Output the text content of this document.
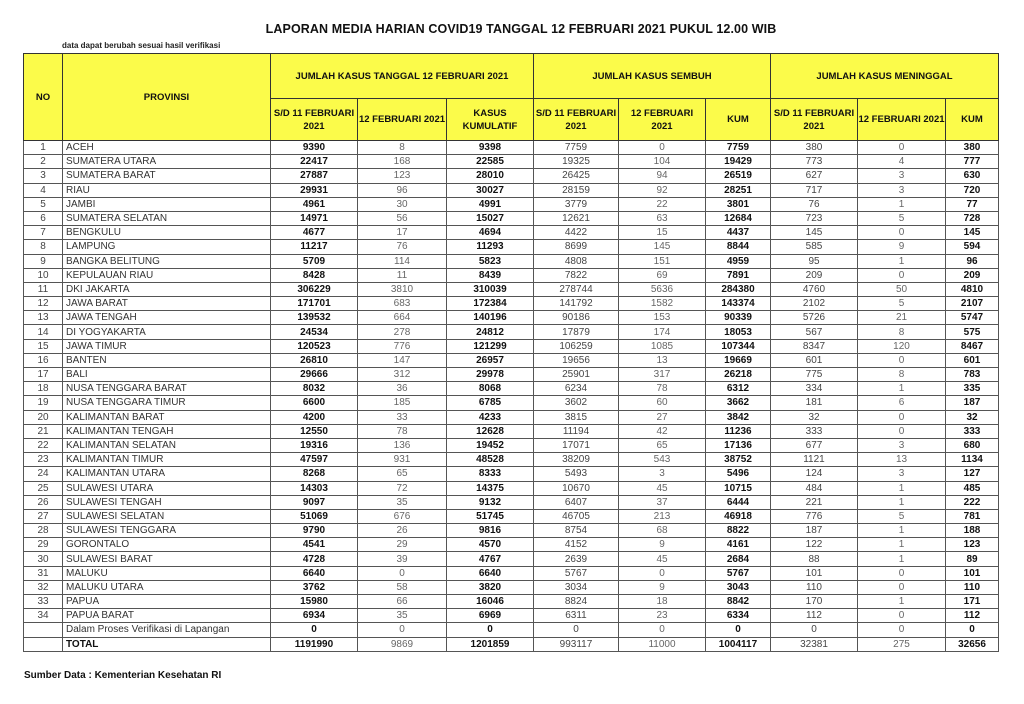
LAPORAN MEDIA HARIAN COVID19 TANGGAL 12 FEBRUARI 2021 PUKUL 12.00 WIB
data dapat berubah sesuai hasil verifikasi
NO	PROVINSI	JUMLAH KASUS TANGGAL 12 FEBRUARI 2021			JUMLAH KASUS SEMBUH			JUMLAH KASUS MENINGGAL		
		S/D 11 FEBRUARI 2021	12 FEBRUARI 2021	KASUS KUMULATIF	S/D 11 FEBRUARI 2021	12 FEBRUARI 2021	KUM	S/D 11 FEBRUARI 2021	12 FEBRUARI 2021	KUM
1	ACEH	9390	8	9398	7759	0	7759	380	0	380
2	SUMATERA UTARA	22417	168	22585	19325	104	19429	773	4	777
3	SUMATERA BARAT	27887	123	28010	26425	94	26519	627	3	630
4	RIAU	29931	96	30027	28159	92	28251	717	3	720
5	JAMBI	4961	30	4991	3779	22	3801	76	1	77
6	SUMATERA SELATAN	14971	56	15027	12621	63	12684	723	5	728
7	BENGKULU	4677	17	4694	4422	15	4437	145	0	145
8	LAMPUNG	11217	76	11293	8699	145	8844	585	9	594
9	BANGKA BELITUNG	5709	114	5823	4808	151	4959	95	1	96
10	KEPULAUAN RIAU	8428	11	8439	7822	69	7891	209	0	209
11	DKI JAKARTA	306229	3810	310039	278744	5636	284380	4760	50	4810
12	JAWA BARAT	171701	683	172384	141792	1582	143374	2102	5	2107
13	JAWA TENGAH	139532	664	140196	90186	153	90339	5726	21	5747
14	DI YOGYAKARTA	24534	278	24812	17879	174	18053	567	8	575
15	JAWA TIMUR	120523	776	121299	106259	1085	107344	8347	120	8467
16	BANTEN	26810	147	26957	19656	13	19669	601	0	601
17	BALI	29666	312	29978	25901	317	26218	775	8	783
18	NUSA TENGGARA BARAT	8032	36	8068	6234	78	6312	334	1	335
19	NUSA TENGGARA TIMUR	6600	185	6785	3602	60	3662	181	6	187
20	KALIMANTAN BARAT	4200	33	4233	3815	27	3842	32	0	32
21	KALIMANTAN TENGAH	12550	78	12628	11194	42	11236	333	0	333
22	KALIMANTAN SELATAN	19316	136	19452	17071	65	17136	677	3	680
23	KALIMANTAN TIMUR	47597	931	48528	38209	543	38752	1121	13	1134
24	KALIMANTAN UTARA	8268	65	8333	5493	3	5496	124	3	127
25	SULAWESI UTARA	14303	72	14375	10670	45	10715	484	1	485
26	SULAWESI TENGAH	9097	35	9132	6407	37	6444	221	1	222
27	SULAWESI SELATAN	51069	676	51745	46705	213	46918	776	5	781
28	SULAWESI TENGGARA	9790	26	9816	8754	68	8822	187	1	188
29	GORONTALO	4541	29	4570	4152	9	4161	122	1	123
30	SULAWESI BARAT	4728	39	4767	2639	45	2684	88	1	89
31	MALUKU	6640	0	6640	5767	0	5767	101	0	101
32	MALUKU UTARA	3762	58	3820	3034	9	3043	110	0	110
33	PAPUA	15980	66	16046	8824	18	8842	170	1	171
34	PAPUA BARAT	6934	35	6969	6311	23	6334	112	0	112
	Dalam Proses Verifikasi di Lapangan	0	0	0	0	0	0	0	0	0
	TOTAL	1191990	9869	1201859	993117	11000	1004117	32381	275	32656
Sumber Data : Kementerian Kesehatan RI
